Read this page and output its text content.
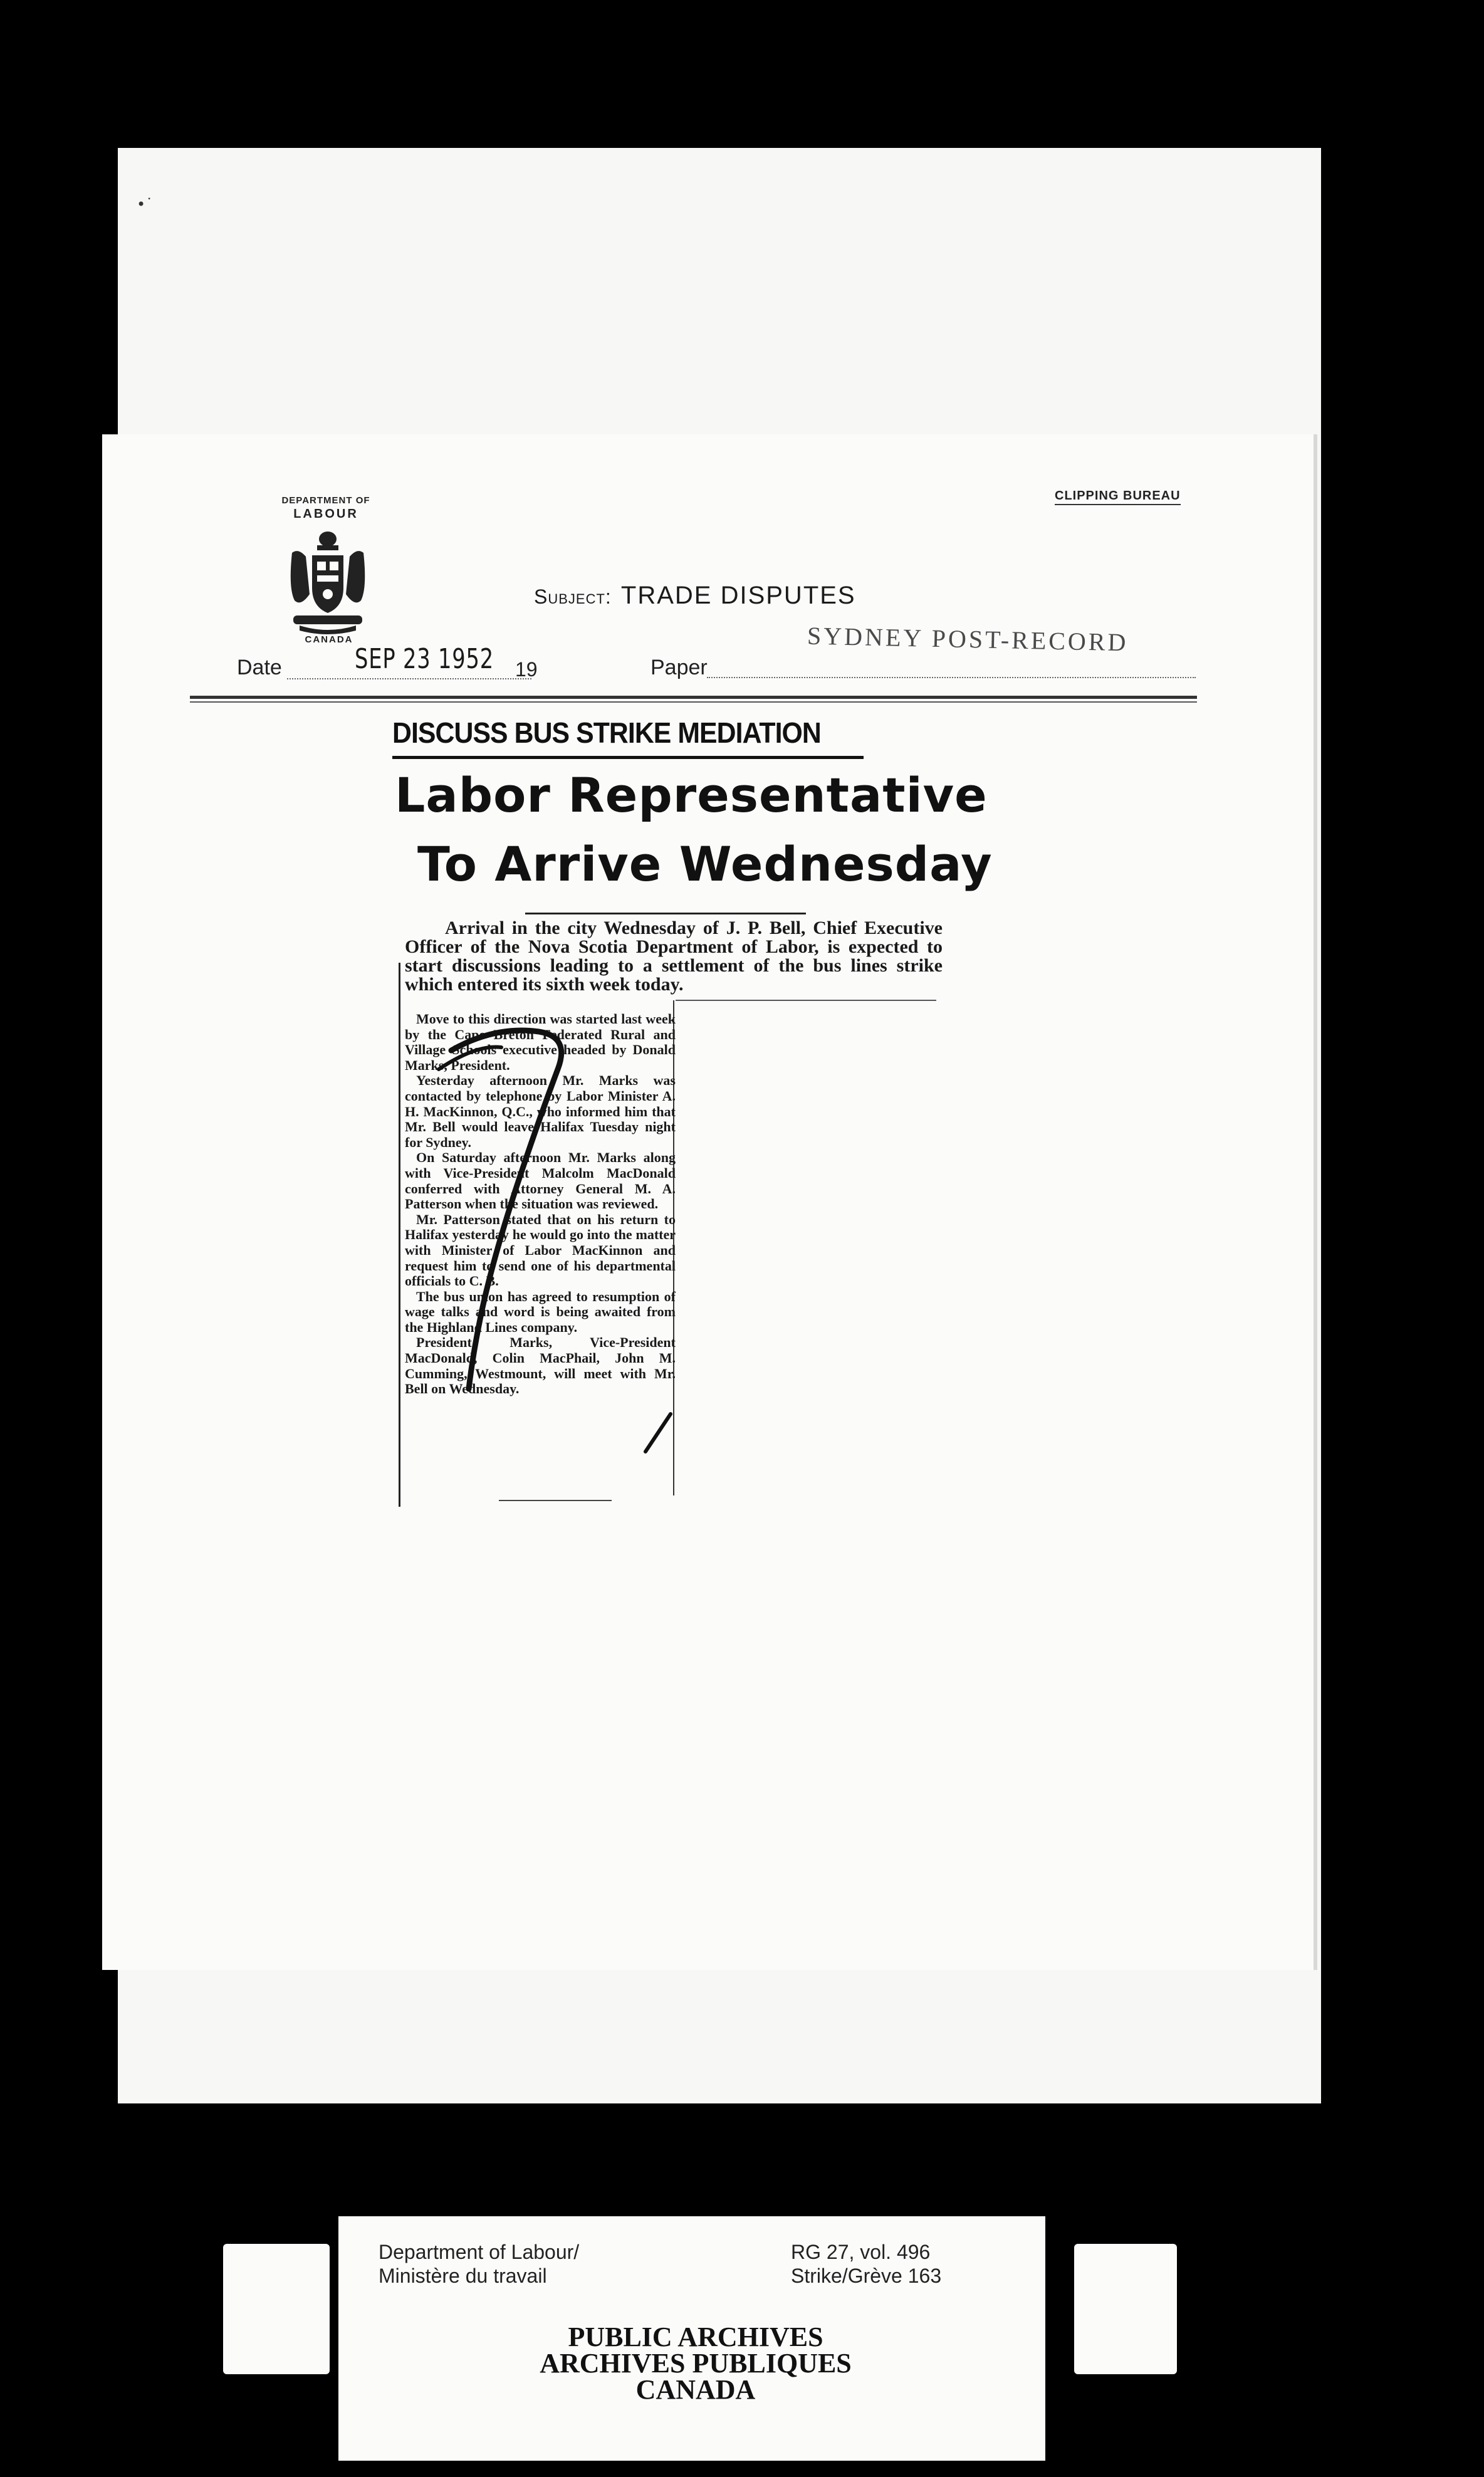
•˙
DEPARTMENT OF
LABOUR
CANADA
CLIPPING BUREAU
Subject: TRADE DISPUTES
Date	SEP 23 1952 19	Paper
SYDNEY POST-RECORD
DISCUSS BUS STRIKE MEDIATION
Labor Representative
To Arrive Wednesday
Arrival in the city Wednesday of J. P. Bell, Chief Executive Officer of the Nova Scotia Department of Labor, is expected to start discussions leading to a settlement of the bus lines strike which entered its sixth week today.

Move to this direction was started last week by the Cape Breton Federated Rural and Village Schools executive headed by Donald Marks, President.

Yesterday afternoon Mr. Marks was contacted by telephone by Labor Minister A. H. MacKinnon, Q.C., who informed him that Mr. Bell would leave Halifax Tuesday night for Sydney.

On Saturday afternoon Mr. Marks along with Vice-President Malcolm MacDonald conferred with Attorney General M. A. Patterson when the situation was reviewed.

Mr. Patterson stated that on his return to Halifax yesterday he would go into the matter with Minister of Labor MacKinnon and request him to send one of his departmental officials to C. B.

The bus union has agreed to resumption of wage talks and word is being awaited from the Highland Lines company.

President Marks, Vice-President MacDonald, Colin MacPhail, John M. Cumming, Westmount, will meet with Mr. Bell on Wednesday.

Department of Labour/
Ministère du travail
RG 27, vol. 496
Strike/Grève 163
PUBLIC ARCHIVES
ARCHIVES PUBLIQUES
CANADA
